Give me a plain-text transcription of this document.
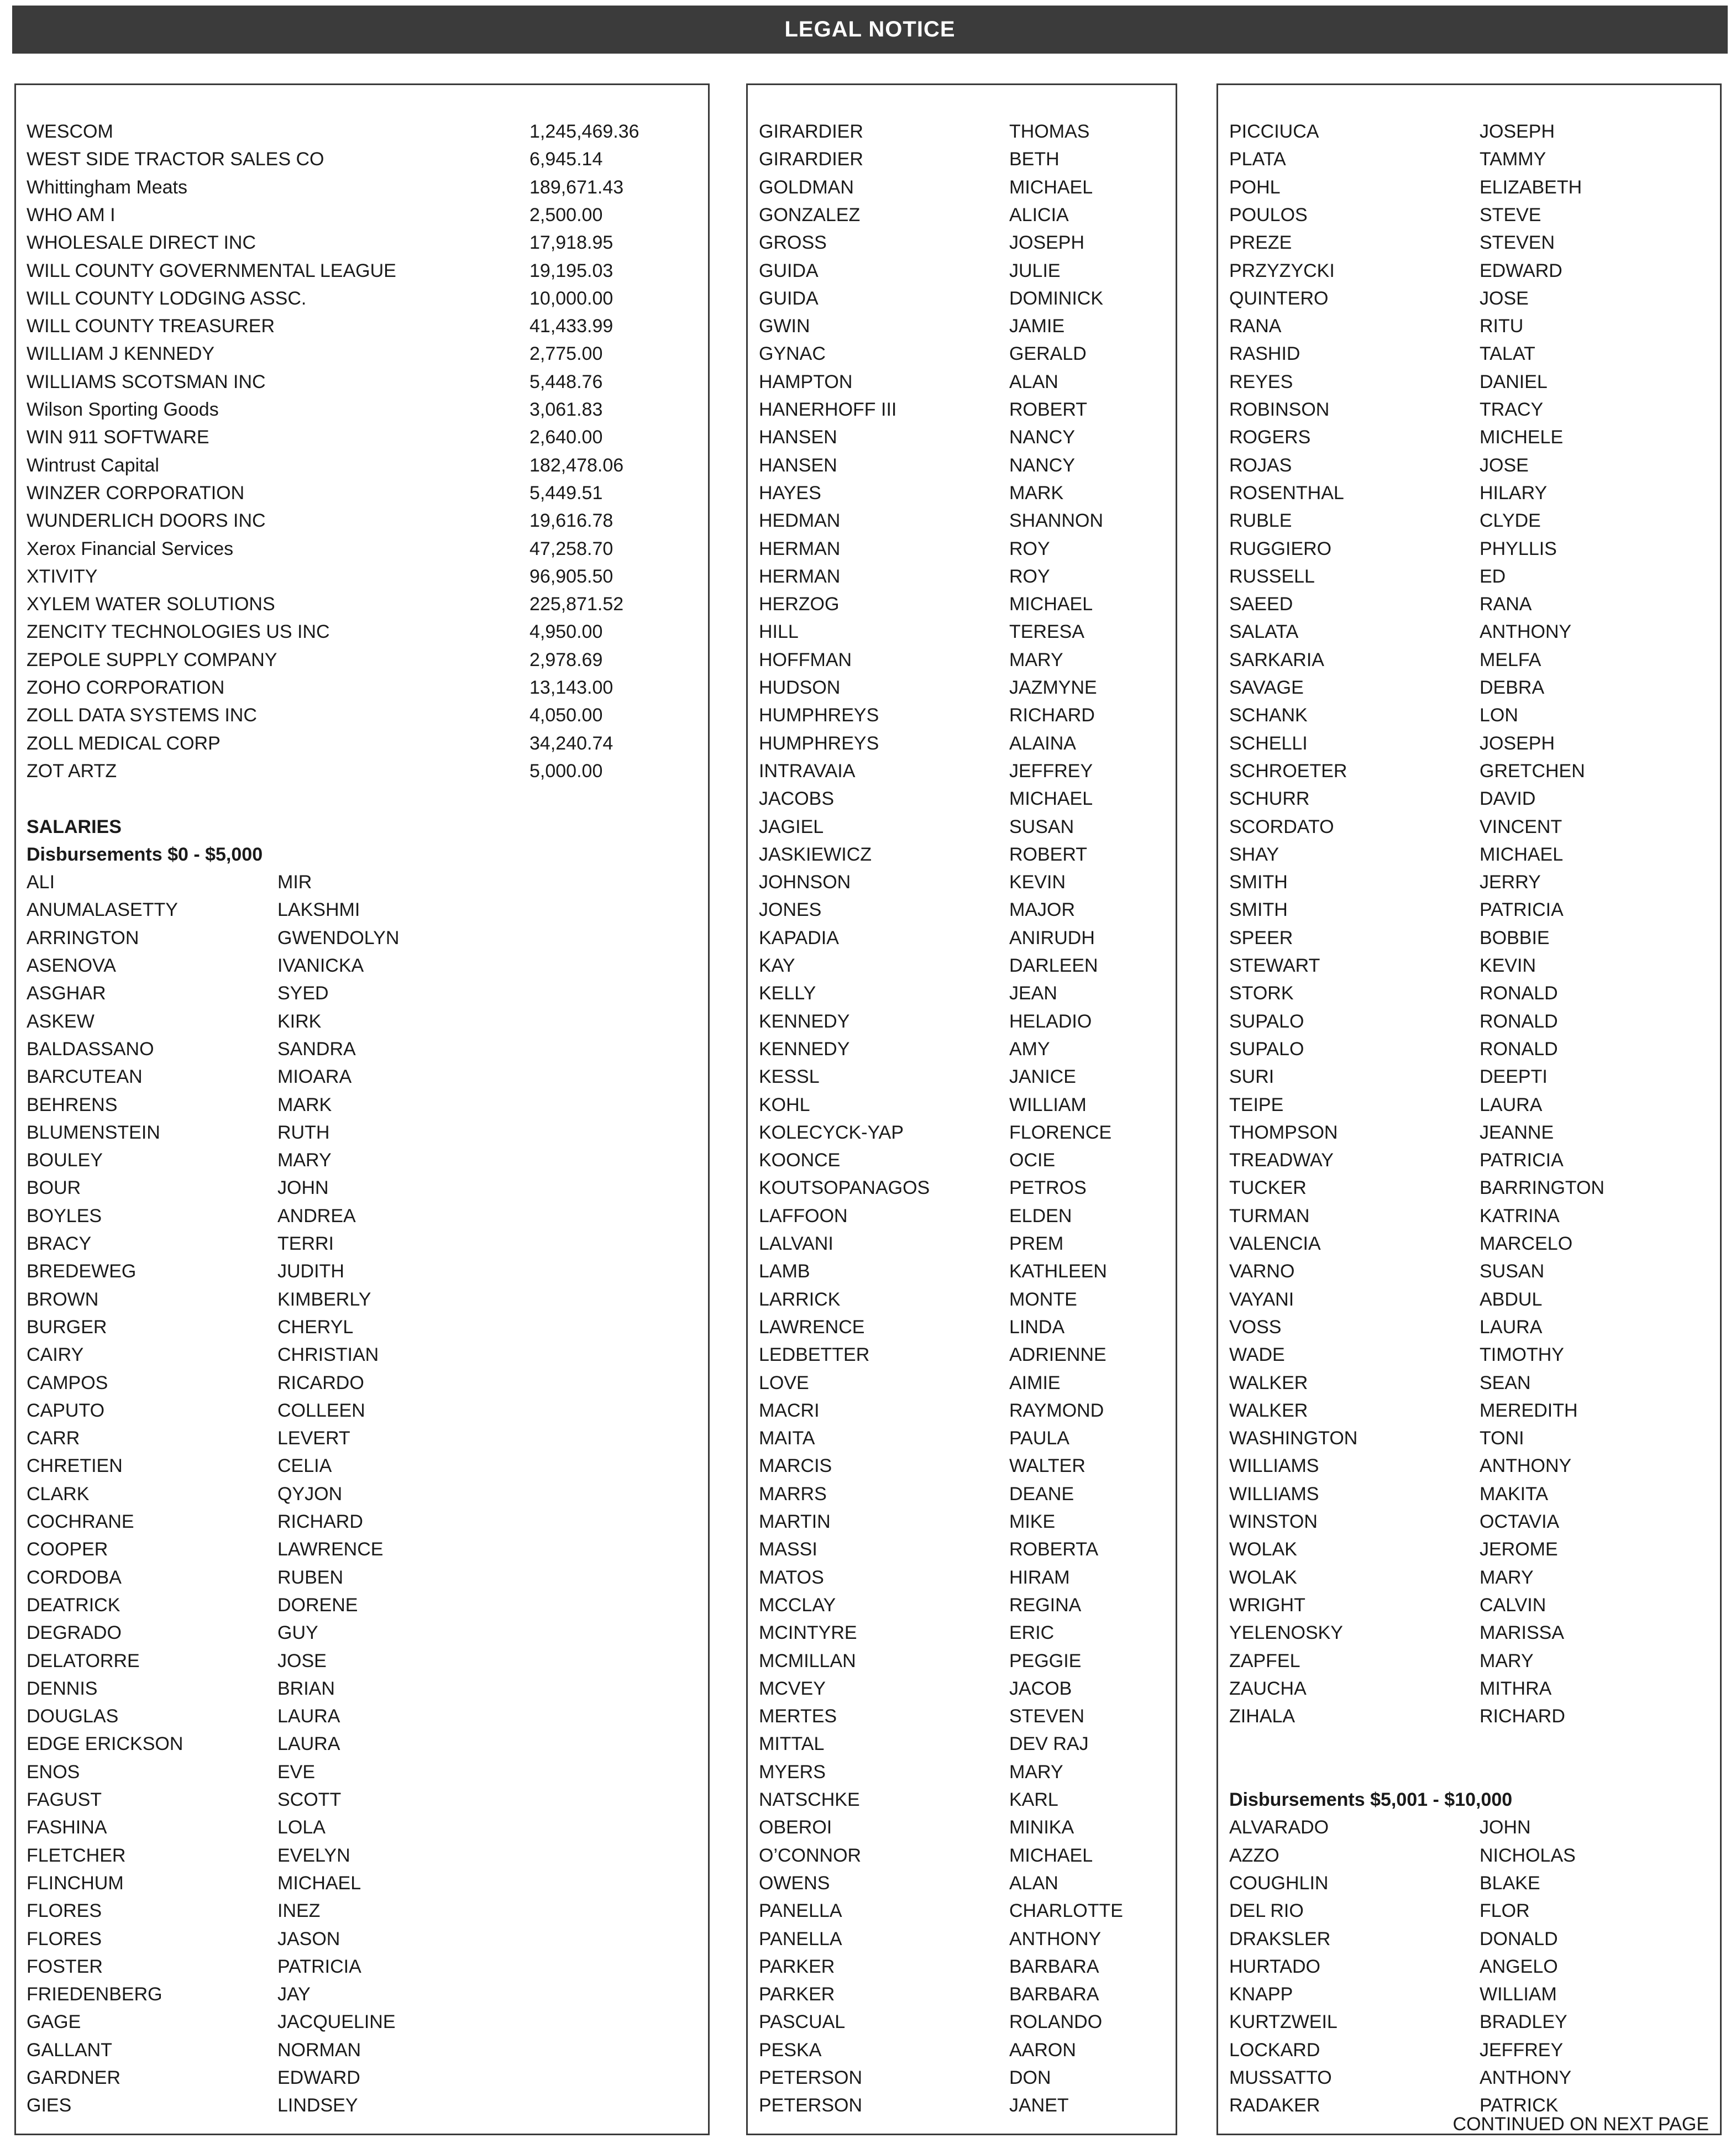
LEGAL NOTICE
WESCOM	1,245,469.36
WEST SIDE TRACTOR SALES CO	6,945.14
Whittingham Meats	189,671.43
WHO AM I	2,500.00
WHOLESALE DIRECT INC	17,918.95
WILL COUNTY GOVERNMENTAL LEAGUE	19,195.03
WILL COUNTY LODGING ASSC.	10,000.00
WILL COUNTY TREASURER	41,433.99
WILLIAM J KENNEDY	2,775.00
WILLIAMS SCOTSMAN INC	5,448.76
Wilson Sporting Goods	3,061.83
WIN 911 SOFTWARE	2,640.00
Wintrust Capital	182,478.06
WINZER CORPORATION	5,449.51
WUNDERLICH DOORS INC	19,616.78
Xerox Financial Services	47,258.70
XTIVITY	96,905.50
XYLEM WATER SOLUTIONS	225,871.52
ZENCITY TECHNOLOGIES US INC	4,950.00
ZEPOLE SUPPLY COMPANY	2,978.69
ZOHO CORPORATION	13,143.00
ZOLL DATA SYSTEMS INC	4,050.00
ZOLL MEDICAL CORP	34,240.74
ZOT ARTZ	5,000.00
SALARIES
Disbursements $0 - $5,000
ALI	MIR
ANUMALASETTY	LAKSHMI
ARRINGTON	GWENDOLYN
ASENOVA	IVANICKA
ASGHAR	SYED
ASKEW	KIRK
BALDASSANO	SANDRA
BARCUTEAN	MIOARA
BEHRENS	MARK
BLUMENSTEIN	RUTH
BOULEY	MARY
BOUR	JOHN
BOYLES	ANDREA
BRACY	TERRI
BREDEWEG	JUDITH
BROWN	KIMBERLY
BURGER	CHERYL
CAIRY	CHRISTIAN
CAMPOS	RICARDO
CAPUTO	COLLEEN
CARR	LEVERT
CHRETIEN	CELIA
CLARK	QYJON
COCHRANE	RICHARD
COOPER	LAWRENCE
CORDOBA	RUBEN
DEATRICK	DORENE
DEGRADO	GUY
DELATORRE	JOSE
DENNIS	BRIAN
DOUGLAS	LAURA
EDGE ERICKSON	LAURA
ENOS	EVE
FAGUST	SCOTT
FASHINA	LOLA
FLETCHER	EVELYN
FLINCHUM	MICHAEL
FLORES	INEZ
FLORES	JASON
FOSTER	PATRICIA
FRIEDENBERG	JAY
GAGE	JACQUELINE
GALLANT	NORMAN
GARDNER	EDWARD
GIES	LINDSEY
GIRARDIER	THOMAS
GIRARDIER	BETH
GOLDMAN	MICHAEL
GONZALEZ	ALICIA
GROSS	JOSEPH
GUIDA	JULIE
GUIDA	DOMINICK
GWIN	JAMIE
GYNAC	GERALD
HAMPTON	ALAN
HANERHOFF III	ROBERT
HANSEN	NANCY
HANSEN	NANCY
HAYES	MARK
HEDMAN	SHANNON
HERMAN	ROY
HERMAN	ROY
HERZOG	MICHAEL
HILL	TERESA
HOFFMAN	MARY
HUDSON	JAZMYNE
HUMPHREYS	RICHARD
HUMPHREYS	ALAINA
INTRAVAIA	JEFFREY
JACOBS	MICHAEL
JAGIEL	SUSAN
JASKIEWICZ	ROBERT
JOHNSON	KEVIN
JONES	MAJOR
KAPADIA	ANIRUDH
KAY	DARLEEN
KELLY	JEAN
KENNEDY	HELADIO
KENNEDY	AMY
KESSL	JANICE
KOHL	WILLIAM
KOLECYCK-YAP	FLORENCE
KOONCE	OCIE
KOUTSOPANAGOS	PETROS
LAFFOON	ELDEN
LALVANI	PREM
LAMB	KATHLEEN
LARRICK	MONTE
LAWRENCE	LINDA
LEDBETTER	ADRIENNE
LOVE	AIMIE
MACRI	RAYMOND
MAITA	PAULA
MARCIS	WALTER
MARRS	DEANE
MARTIN	MIKE
MASSI	ROBERTA
MATOS	HIRAM
MCCLAY	REGINA
MCINTYRE	ERIC
MCMILLAN	PEGGIE
MCVEY	JACOB
MERTES	STEVEN
MITTAL	DEV RAJ
MYERS	MARY
NATSCHKE	KARL
OBEROI	MINIKA
O’CONNOR	MICHAEL
OWENS	ALAN
PANELLA	CHARLOTTE
PANELLA	ANTHONY
PARKER	BARBARA
PARKER	BARBARA
PASCUAL	ROLANDO
PESKA	AARON
PETERSON	DON
PETERSON	JANET
CONTINUED ON NEXT PAGE
PICCIUCA	JOSEPH
PLATA	TAMMY
POHL	ELIZABETH
POULOS	STEVE
PREZE	STEVEN
PRZYZYCKI	EDWARD
QUINTERO	JOSE
RANA	RITU
RASHID	TALAT
REYES	DANIEL
ROBINSON	TRACY
ROGERS	MICHELE
ROJAS	JOSE
ROSENTHAL	HILARY
RUBLE	CLYDE
RUGGIERO	PHYLLIS
RUSSELL	ED
SAEED	RANA
SALATA	ANTHONY
SARKARIA	MELFA
SAVAGE	DEBRA
SCHANK	LON
SCHELLI	JOSEPH
SCHROETER	GRETCHEN
SCHURR	DAVID
SCORDATO	VINCENT
SHAY	MICHAEL
SMITH	JERRY
SMITH	PATRICIA
SPEER	BOBBIE
STEWART	KEVIN
STORK	RONALD
SUPALO	RONALD
SUPALO	RONALD
SURI	DEEPTI
TEIPE	LAURA
THOMPSON	JEANNE
TREADWAY	PATRICIA
TUCKER	BARRINGTON
TURMAN	KATRINA
VALENCIA	MARCELO
VARNO	SUSAN
VAYANI	ABDUL
VOSS	LAURA
WADE	TIMOTHY
WALKER	SEAN
WALKER	MEREDITH
WASHINGTON	TONI
WILLIAMS	ANTHONY
WILLIAMS	MAKITA
WINSTON	OCTAVIA
WOLAK	JEROME
WOLAK	MARY
WRIGHT	CALVIN
YELENOSKY	MARISSA
ZAPFEL	MARY
ZAUCHA	MITHRA
ZIHALA	RICHARD
Disbursements $5,001 - $10,000
ALVARADO	JOHN
AZZO	NICHOLAS
COUGHLIN	BLAKE
DEL RIO	FLOR
DRAKSLER	DONALD
HURTADO	ANGELO
KNAPP	WILLIAM
KURTZWEIL	BRADLEY
LOCKARD	JEFFREY
MUSSATTO	ANTHONY
RADAKER	PATRICK
